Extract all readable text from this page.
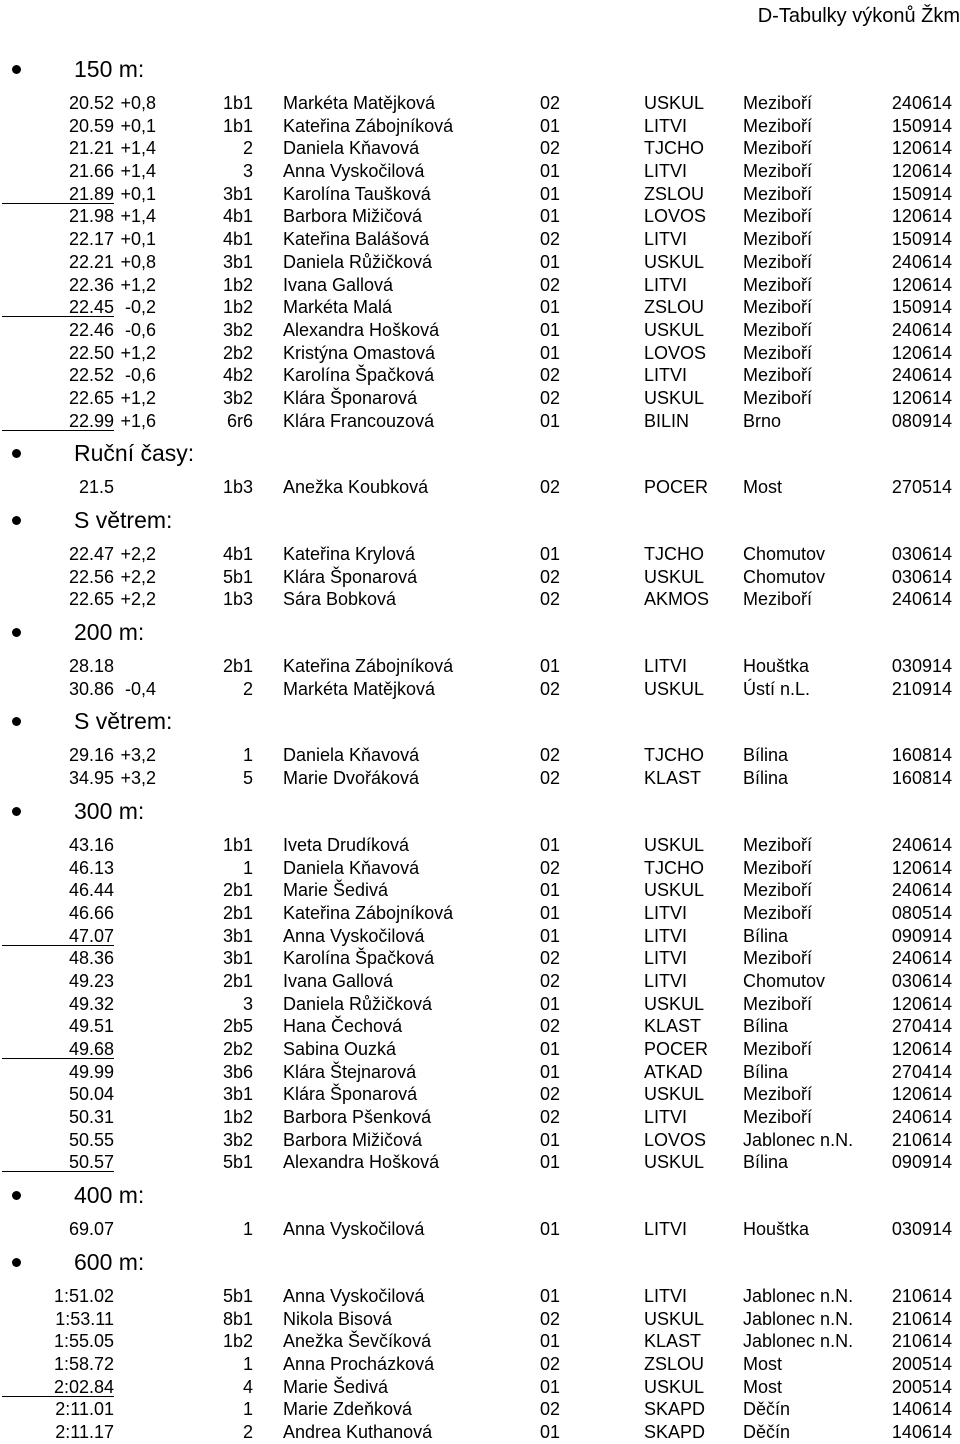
D-Tabulky výkonů Žkm
150 m:
20.52 +0,8	1b1 Markéta Matějková	02	USKUL Meziboří	240614
20.59 +0,1	1b1 Kateřina Zábojníková	01	LITVI	Meziboří	150914
21.21 +1,4	2 Daniela Kňavová	02	TJCHO Meziboří	120614
21.66 +1,4	3 Anna Vyskočilová	01	LITVI	Meziboří	120614
21.89 +0,1	3b1 Karolína Taušková	01	ZSLOU Meziboří	150914
21.98 +1,4	4b1 Barbora Mižičová	01	LOVOS Meziboří	120614
22.17 +0,1	4b1 Kateřina Balášová	02	LITVI	Meziboří	150914
22.21 +0,8	3b1 Daniela Růžičková	01	USKUL Meziboří	240614
22.36 +1,2	1b2 Ivana Gallová	02	LITVI	Meziboří	120614
22.45 -0,2	1b2 Markéta Malá	01	ZSLOU Meziboří	150914
22.46 -0,6	3b2 Alexandra Hošková	01	USKUL Meziboří	240614
22.50 +1,2	2b2 Kristýna Omastová	01	LOVOS Meziboří	120614
22.52 -0,6	4b2 Karolína Špačková	02	LITVI	Meziboří	240614
22.65 +1,2	3b2 Klára Šponarová	02	USKUL Meziboří	120614
22.99 +1,6	6r6 Klára Francouzová	01	BILIN	Brno	080914
Ruční časy:
21.5	1b3 Anežka Koubková	02	POCER Most	270514
S větrem:
22.47 +2,2	4b1 Kateřina Krylová	01	TJCHO Chomutov	030614
22.56 +2,2	5b1 Klára Šponarová	02	USKUL Chomutov	030614
22.65 +2,2	1b3 Sára Bobková	02	AKMOS Meziboří	240614
200 m:
28.18	2b1 Kateřina Zábojníková	01	LITVI	Houštka	030914
30.86 -0,4	2 Markéta Matějková	02	USKUL Ústí n.L.	210914
S větrem:
29.16 +3,2	1 Daniela Kňavová	02	TJCHO Bílina	160814
34.95 +3,2	5 Marie Dvořáková	02	KLAST Bílina	160814
300 m:
43.16	1b1 Iveta Drudíková	01	USKUL Meziboří	240614
46.13	1 Daniela Kňavová	02	TJCHO Meziboří	120614
46.44	2b1 Marie Šedivá	01	USKUL Meziboří	240614
46.66	2b1 Kateřina Zábojníková	01	LITVI	Meziboří	080514
47.07	3b1 Anna Vyskočilová	01	LITVI	Bílina	090914
48.36	3b1 Karolína Špačková	02	LITVI	Meziboří	240614
49.23	2b1 Ivana Gallová	02	LITVI	Chomutov	030614
49.32	3 Daniela Růžičková	01	USKUL Meziboří	120614
49.51	2b5 Hana Čechová	02	KLAST Bílina	270414
49.68	2b2 Sabina Ouzká	01	POCER Meziboří	120614
49.99	3b6 Klára Štejnarová	01	ATKAD Bílina	270414
50.04	3b1 Klára Šponarová	02	USKUL Meziboří	120614
50.31	1b2 Barbora Pšenková	02	LITVI	Meziboří	240614
50.55	3b2 Barbora Mižičová	01	LOVOS Jablonec n.N. 210614
50.57	5b1 Alexandra Hošková	01	USKUL Bílina	090914
400 m:
69.07	1 Anna Vyskočilová	01	LITVI	Houštka	030914
600 m:
1:51.02	5b1 Anna Vyskočilová	01	LITVI	Jablonec n.N. 210614
1:53.11	8b1 Nikola Bisová	02	USKUL Jablonec n.N. 210614
1:55.05	1b2 Anežka Ševčíková	01	KLAST Jablonec n.N. 210614
1:58.72	1 Anna Procházková	02	ZSLOU Most	200514
2:02.84	4 Marie Šedivá	01	USKUL Most	200514
2:11.01	1 Marie Zdeňková	02	SKAPD Děčín	140614
2:11.17	2 Andrea Kuthanová	01	SKAPD Děčín	140614
